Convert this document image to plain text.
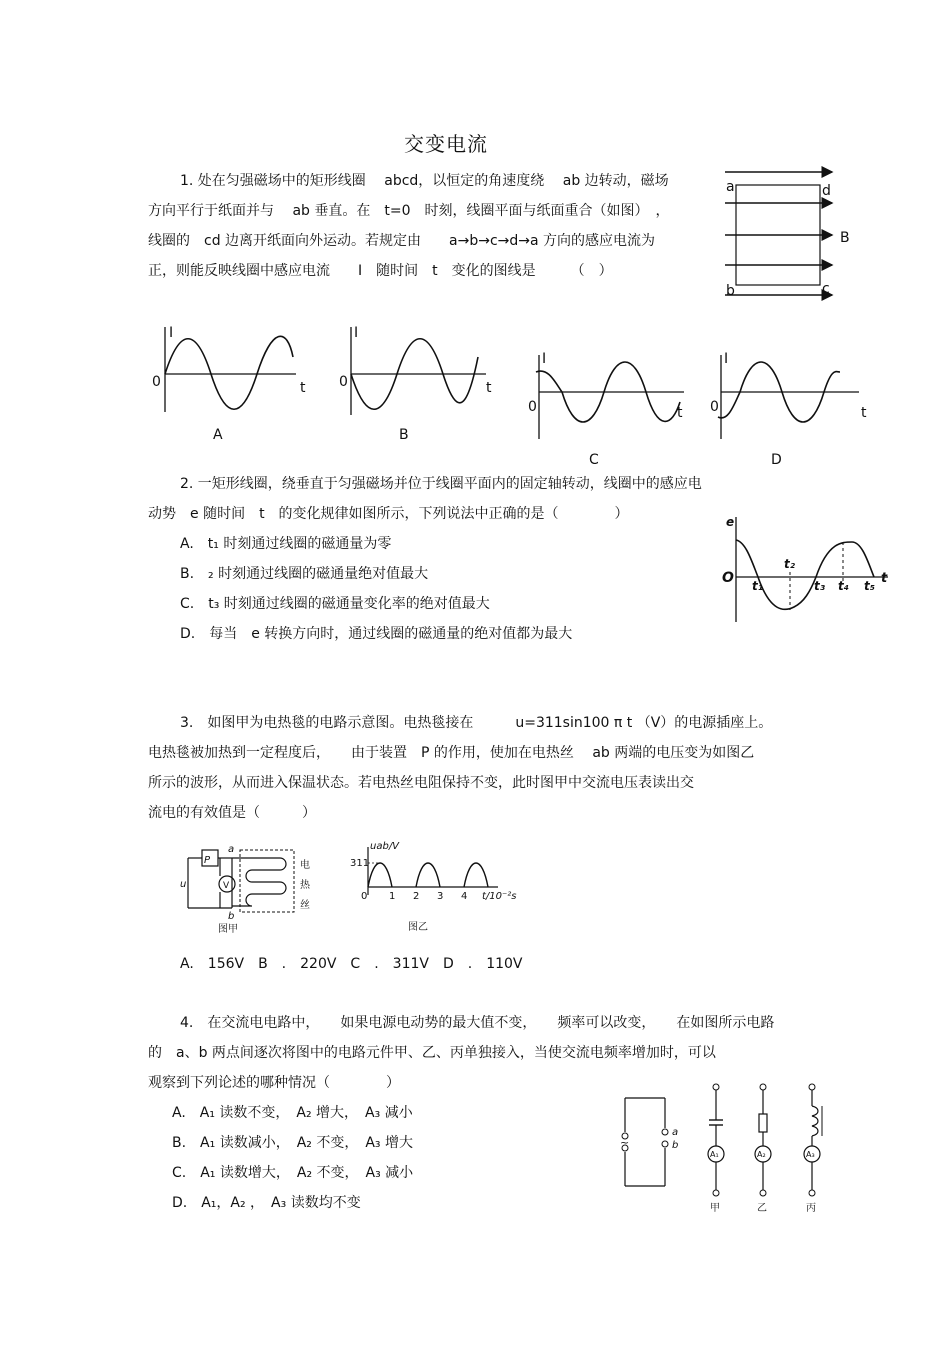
交变电流
1. 处在匀强磁场中的矩形线圈　 abcd，以恒定的角速度绕　 ab 边转动，磁场
方向平行于纸面并与　 ab 垂直。在　t=0　时刻，线圈平面与纸面重合（如图）　，
线圈的　cd 边离开纸面向外运动。若规定由　　a→b→c→d→a 方向的感应电流为
正，则能反映线圈中感应电流　　I　随时间　t　变化的图线是　　　（　）
a	d
B
b	c
I
0	t
A
I
0	t
B
I
0	t
C
I
0	t
D
2. 一矩形线圈，绕垂直于匀强磁场并位于线圈平面内的固定轴转动，线圈中的感应电
动势　e 随时间　t　的变化规律如图所示，下列说法中正确的是（　　　　）
A.　t₁ 时刻通过线圈的磁通量为零
B.　₂ 时刻通过线圈的磁通量绝对值最大
C.　t₃ 时刻通过线圈的磁通量变化率的绝对值最大
D.　每当　e 转换方向时，通过线圈的磁通量的绝对值都为最大
e
O t₁
t₂
t₃ t₄ t₅ t
3.　如图甲为电热毯的电路示意图。电热毯接在　　　u=311sin100 π t （V）的电源插座上。
电热毯被加热到一定程度后，　　由于装置　P 的作用，使加在电热丝　 ab 两端的电压变为如图乙
所示的波形，从而进入保温状态。若电热丝电阻保持不变，此时图甲中交流电压表读出交
流电的有效值是（　　　）
P
V
a
b
u
电
热
丝
图甲
uab/V
311
0 1 2 3 4 t/10⁻²s
图乙
A.　156V　B　.　220V　C　.　311V　D　.　110V
4.　在交流电电路中，　　如果电源电动势的最大值不变，　　频率可以改变，　　在如图所示电路
的　a、b 两点间逐次将图中的电路元件甲、乙、丙单独接入，当使交流电频率增加时，可以
观察到下列论述的哪种情况（　　　　）
A.　A₁ 读数不变，　A₂ 增大，　A₃ 减小
B.　A₁ 读数减小，　A₂ 不变，　A₃ 增大
C.　A₁ 读数增大，　A₂ 不变，　A₃ 减小
D.　A₁，A₂ ，　A₃ 读数均不变
~
a
b
A₁
甲
A₂
乙
A₃
丙
